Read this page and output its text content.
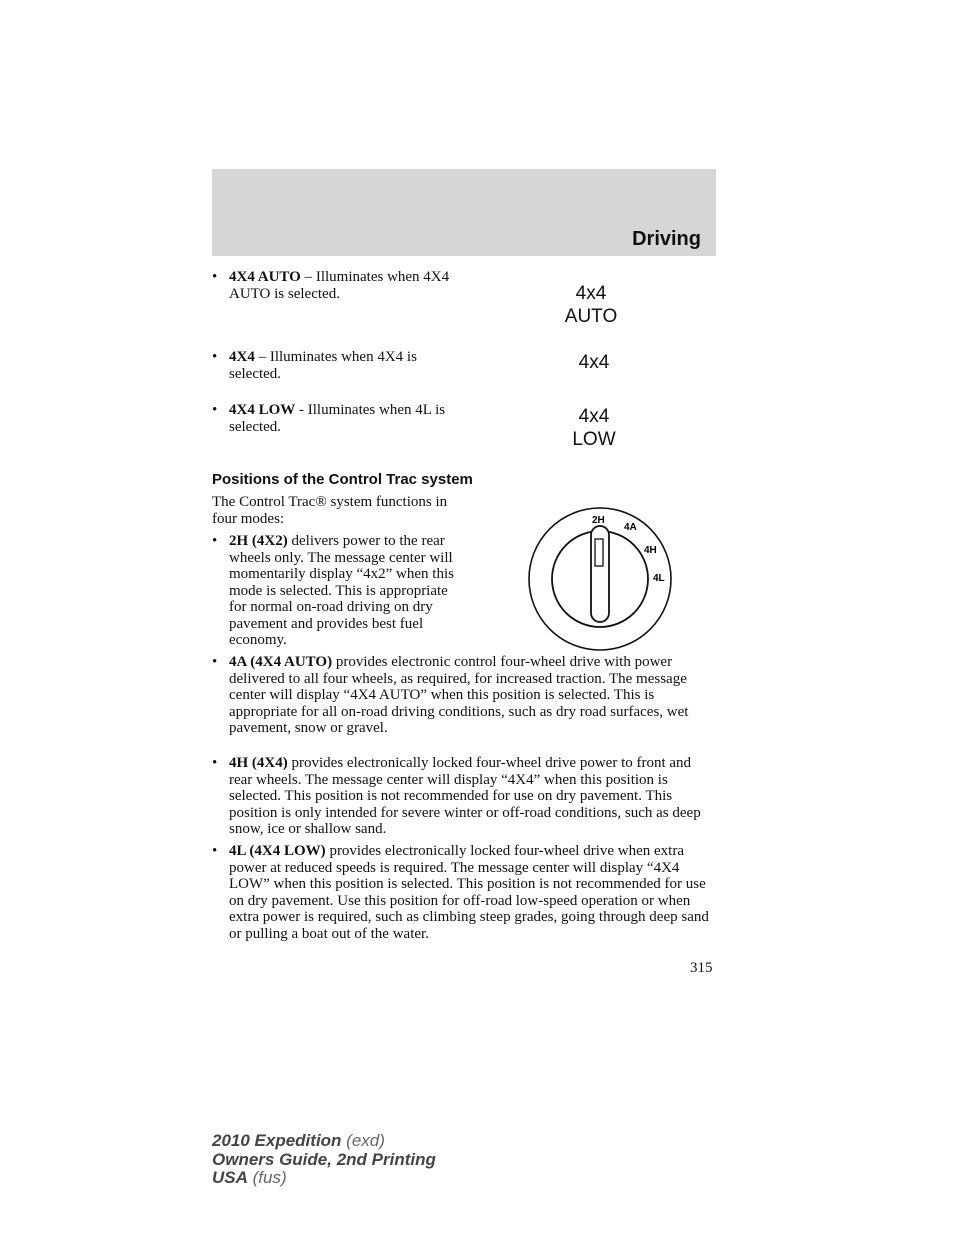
Driving
• 4X4 AUTO – Illuminates when 4X4 AUTO is selected.	4x4
AUTO
• 4X4 – Illuminates when 4X4 is selected.
4x4
• 4X4 LOW - Illuminates when 4L is selected.	4x4
LOW
Positions of the Control Trac system
The Control Trac® system functions in four modes:
• 2H (4X2) delivers power to the rear wheels only. The message center will momentarily display “4x2” when this mode is selected. This is appropriate for normal on-road driving on dry pavement and provides best fuel economy.
• 4A (4X4 AUTO) provides electronic control four-wheel drive with power delivered to all four wheels, as required, for increased traction. The message center will display “4X4 AUTO” when this position is selected. This is appropriate for all on-road driving conditions, such as dry road surfaces, wet pavement, snow or gravel.
• 4H (4X4) provides electronically locked four-wheel drive power to front and rear wheels. The message center will display “4X4” when this position is selected. This position is not recommended for use on dry pavement. This position is only intended for severe winter or off-road conditions, such as deep snow, ice or shallow sand.
• 4L (4X4 LOW) provides electronically locked four-wheel drive when extra power at reduced speeds is required. The message center will display “4X4 LOW” when this position is selected. This position is not recommended for use on dry pavement. Use this position for off-road low-speed operation or when extra power is required, such as climbing steep grades, going through deep sand or pulling a boat out of the water.
2H
4A
4H
4L
315
2010 Expedition (exd)
Owners Guide, 2nd Printing
USA (fus)
